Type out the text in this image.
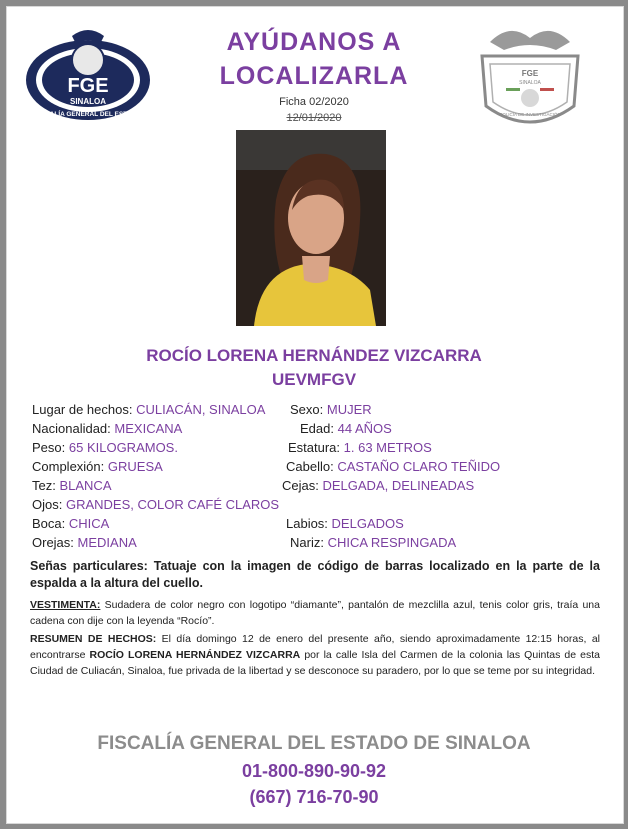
FGE
SINALOA
FISCALÍA GENERAL DEL ESTADO
FGE
SINALOA
POLICÍA DE INVESTIGACIÓN
AYÚDANOS A
LOCALIZARLA
Ficha 02/2020
12/01/2020
ROCÍO LORENA HERNÁNDEZ VIZCARRA
UEVMFGV
Lugar de hechos: CULIACÁN, SINALOA
Nacionalidad: MEXICANA
Peso: 65 KILOGRAMOS.
Complexión: GRUESA
Tez: BLANCA
Ojos: GRANDES, COLOR CAFÉ CLAROS
Boca: CHICA
Orejas: MEDIANA
Sexo: MUJER
Edad: 44 AÑOS
Estatura: 1. 63 METROS
Cabello: CASTAÑO CLARO TEÑIDO
Cejas: DELGADA, DELINEADAS
Labios: DELGADOS
Nariz: CHICA RESPINGADA
Señas particulares: Tatuaje con la imagen de código de barras localizado en la parte de la espalda a la altura del cuello.
VESTIMENTA: Sudadera de color negro con logotipo “diamante”, pantalón de mezclilla azul, tenis color gris, traía una cadena con dije con la leyenda “Rocío”.
RESUMEN DE HECHOS: El día domingo 12 de enero del presente año, siendo aproximadamente 12:15 horas, al encontrarse ROCÍO LORENA HERNÁNDEZ VIZCARRA por la calle Isla del Carmen de la colonia las Quintas de esta Ciudad de Culiacán, Sinaloa, fue privada de la libertad y se desconoce su paradero, por lo que se teme por su integridad.
FISCALÍA GENERAL DEL ESTADO DE SINALOA
01-800-890-90-92
(667) 716-70-90
